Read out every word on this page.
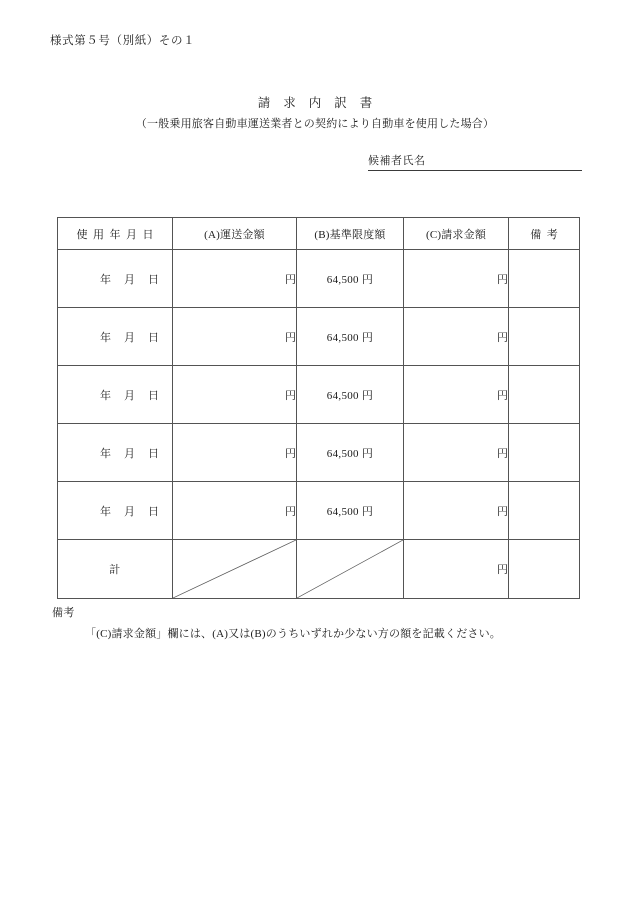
様式第５号（別紙）その１
請求内訳書
（一般乗用旅客自動車運送業者との契約により自動車を使用した場合）
候補者氏名
使用年月日	(A)運送金額	(B)基準限度額	(C)請求金額	備考
年月日	円	64,500 円	円	
年月日	円	64,500 円	円	
年月日	円	64,500 円	円	
年月日	円	64,500 円	円	
年月日	円	64,500 円	円	
計			円	
備考
「(C)請求金額」欄には、(A)又は(B)のうちいずれか少ない方の額を記載ください。
